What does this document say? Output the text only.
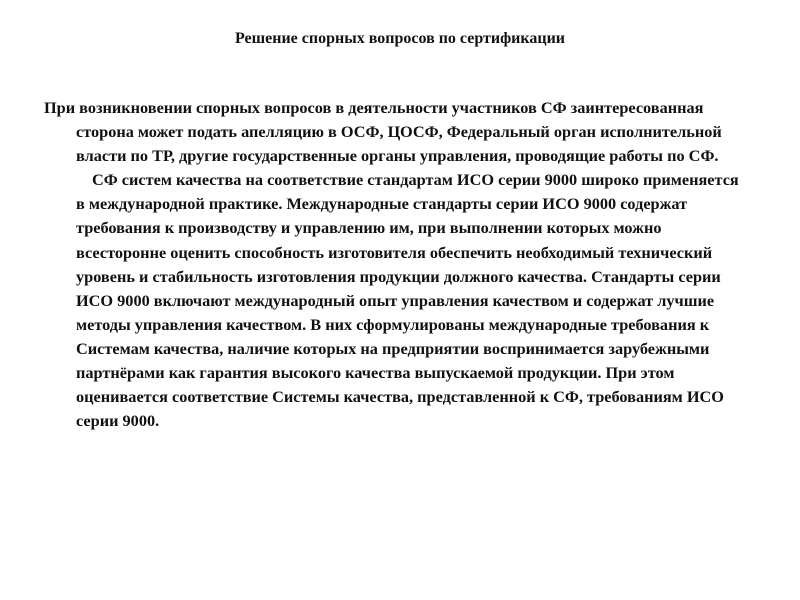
Решение спорных вопросов по сертификации

При возникновении спорных вопросов в деятельности участников СФ заинтересованная сторона может подать апелляцию в ОСФ, ЦОСФ, Федеральный орган исполнительной власти по ТР, другие государственные органы управления, проводящие работы по СФ.

СФ систем качества на соответствие стандартам ИСО серии 9000 широко применяется в международной практике. Международные стандарты серии ИСО 9000 содержат требования к производству и управлению им, при выполнении которых можно всесторонне оценить способность изготовителя обеспечить необходимый технический уровень и стабильность изготовления продукции должного качества. Стандарты серии ИСО 9000 включают международный опыт управления качеством и содержат лучшие методы управления качеством. В них сформулированы международные требования к Системам качества, наличие которых на предприятии воспринимается зарубежными партнёрами как гарантия высокого качества выпускаемой продукции. При этом оценивается соответствие Системы качества, представленной к СФ, требованиям ИСО серии 9000.
